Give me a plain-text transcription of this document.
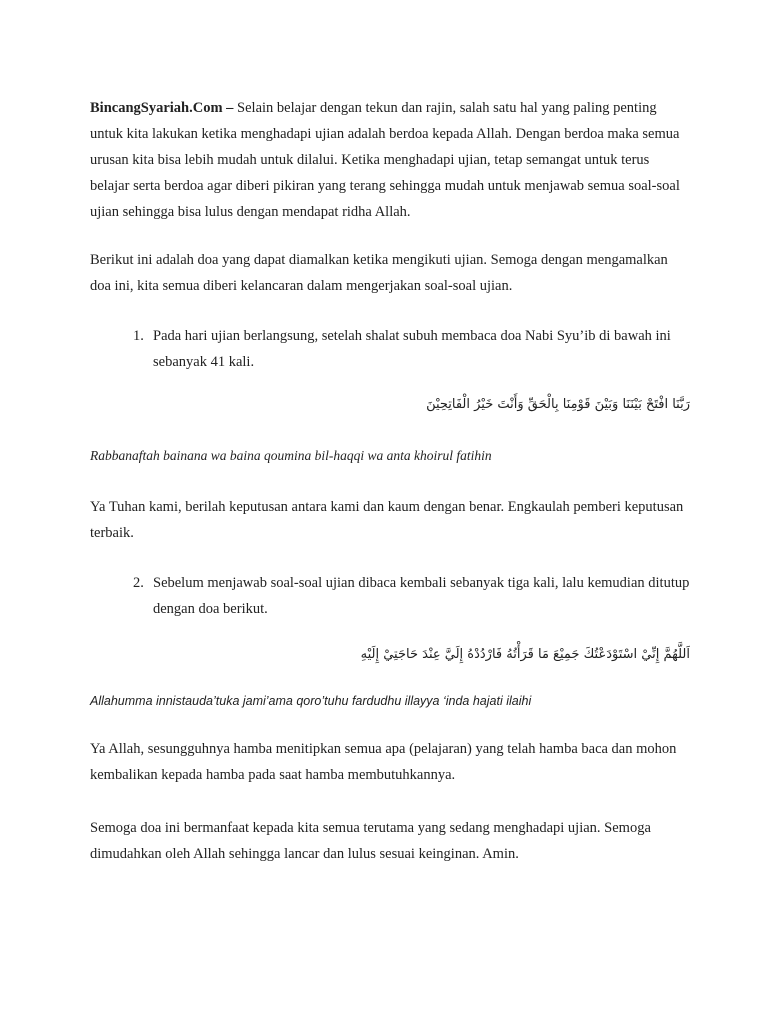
BincangSyariah.Com – Selain belajar dengan tekun dan rajin, salah satu hal yang paling penting untuk kita lakukan ketika menghadapi ujian adalah berdoa kepada Allah. Dengan berdoa maka semua urusan kita bisa lebih mudah untuk dilalui. Ketika menghadapi ujian, tetap semangat untuk terus belajar serta berdoa agar diberi pikiran yang terang sehingga mudah untuk menjawab semua soal-soal ujian sehingga bisa lulus dengan mendapat ridha Allah.

Berikut ini adalah doa yang dapat diamalkan ketika mengikuti ujian. Semoga dengan mengamalkan doa ini, kita semua diberi kelancaran dalam mengerjakan soal-soal ujian.

1. Pada hari ujian berlangsung, setelah shalat subuh membaca doa Nabi Syu’ib di bawah ini sebanyak 41 kali.
رَبَّنَا افْتَحْ بَيْنَنَا وَبَيْنَ قَوْمِنَا بِالْحَقِّ وَأَنْتَ خَيْرُ الْفَاتِحِيْنَ
Rabbanaftah bainana wa baina qoumina bil-haqqi wa anta khoirul fatihin

Ya Tuhan kami, berilah keputusan antara kami dan kaum dengan benar. Engkaulah pemberi keputusan terbaik.

2. Sebelum menjawab soal-soal ujian dibaca kembali sebanyak tiga kali, lalu kemudian ditutup dengan doa berikut.
اَللَّهُمَّ إِنِّيْ اسْتَوْدَعْتُكَ جَمِيْعَ مَا قَرَأْتُهُ فَارْدُدْهُ إِلَيَّ عِنْدَ حَاجَتِيْ إِلَيْهِ
Allahumma innistauda’tuka jami’ama qoro’tuhu fardudhu illayya ‘inda hajati ilaihi

Ya Allah, sesungguhnya hamba menitipkan semua apa (pelajaran) yang telah hamba baca dan mohon kembalikan kepada hamba pada saat hamba membutuhkannya.

Semoga doa ini bermanfaat kepada kita semua terutama yang sedang menghadapi ujian. Semoga dimudahkan oleh Allah sehingga lancar dan lulus sesuai keinginan. Amin.
